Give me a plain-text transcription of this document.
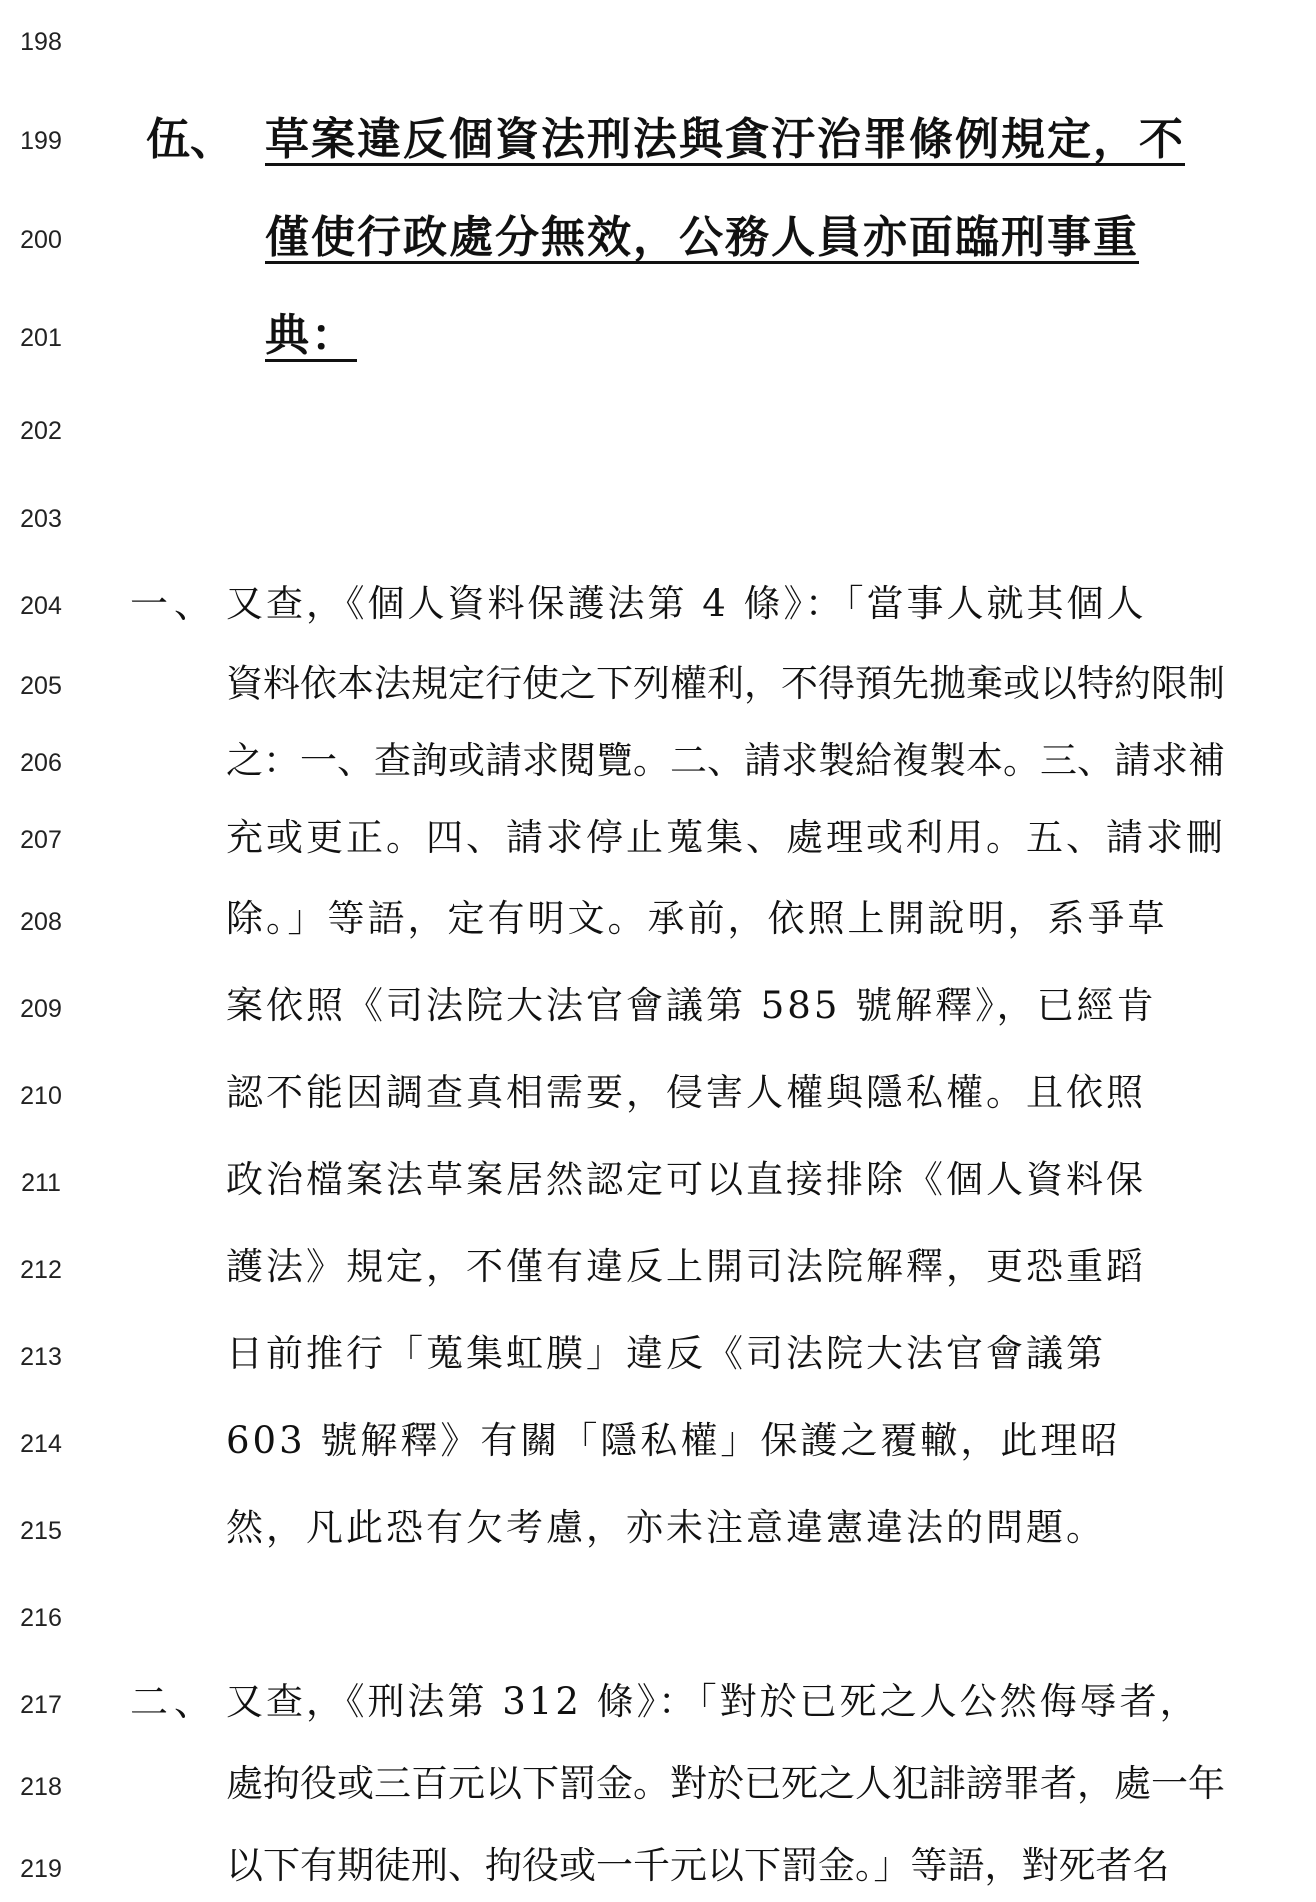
198
199
200
201
202
203
204
205
206
207
208
209
210
211
212
213
214
215
216
217
218
219
伍、 草案違反個資法刑法與貪汙治罪條例規定，不
僅使行政處分無效，公務人員亦面臨刑事重
典：
一、 又查，《個人資料保護法第 4 條》：「當事人就其個人
資料依本法規定行使之下列權利，不得預先拋棄或以特約限制
之：一、查詢或請求閱覽。二、請求製給複製本。三、請求補
充或更正。四、請求停止蒐集、處理或利用。五、請求刪
除。」等語，定有明文。承前，依照上開說明，系爭草
案依照《司法院大法官會議第 585 號解釋》，已經肯
認不能因調查真相需要，侵害人權與隱私權。且依照
政治檔案法草案居然認定可以直接排除《個人資料保
護法》規定，不僅有違反上開司法院解釋，更恐重蹈
日前推行「蒐集虹膜」違反《司法院大法官會議第
603 號解釋》有關「隱私權」保護之覆轍，此理昭
然，凡此恐有欠考慮，亦未注意違憲違法的問題。
二、 又查，《刑法第 312 條》：「對於已死之人公然侮辱者，
處拘役或三百元以下罰金。對於已死之人犯誹謗罪者，處一年
以下有期徒刑、拘役或一千元以下罰金。」等語，對死者名
